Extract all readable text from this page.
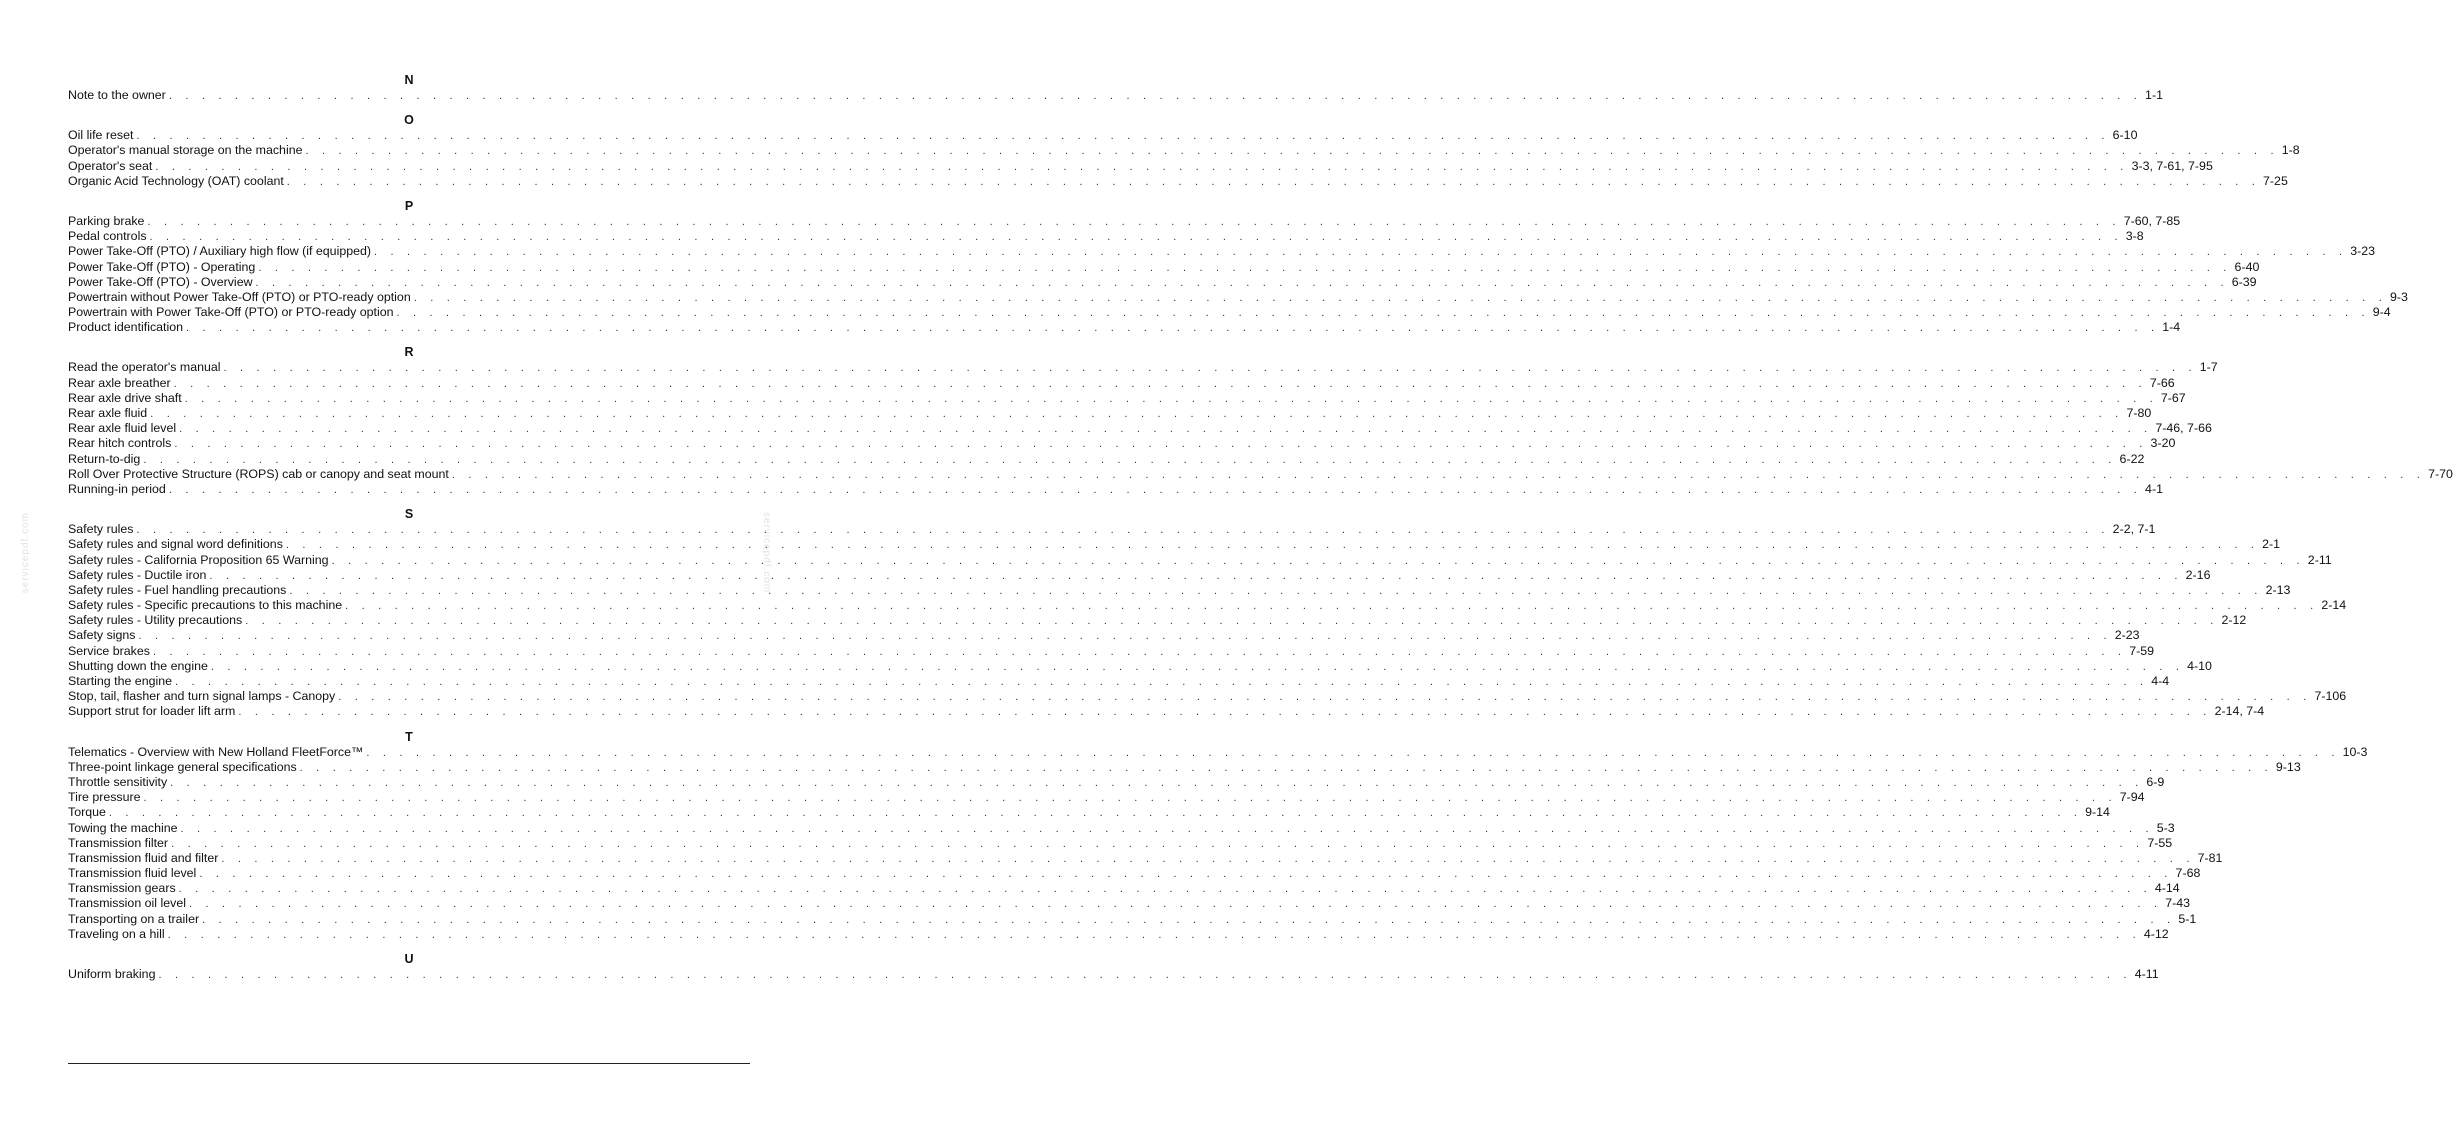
servicepdf.com	servicepdf.com
N
Note to the owner . . . . . . . . . . . . . . . . . . . . . . . . . . . . . . . . . . . . . . . . . . . . . . . . . . . . . . . . . . . . . . . . . . . . . . . . . . . . . . . . . . . . . . . . . . . . . . . . . . . . . . . . . . . . . . . . . . . . . . . . 1-1
O
Oil life reset . . . . . . . . . . . . . . . . . . . . . . . . . . . . . . . . . . . . . . . . . . . . . . . . . . . . . . . . . . . . . . . . . . . . . . . . . . . . . . . . . . . . . . . . . . . . . . . . . . . . . . . . . . . . . . . . . . . . . . . . 6-10
Operator's manual storage on the machine . . . . . . . . . . . . . . . . . . . . . . . . . . . . . . . . . . . . . . . . . . . . . . . . . . . . . . . . . . . . . . . . . . . . . . . . . . . . . . . . . . . . . . . . . . . . . . . . . . . . . . . . . . . . . . . . . . . . . . . . 1-8
Operator's seat . . . . . . . . . . . . . . . . . . . . . . . . . . . . . . . . . . . . . . . . . . . . . . . . . . . . . . . . . . . . . . . . . . . . . . . . . . . . . . . . . . . . . . . . . . . . . . . . . . . . . . . . . . . . . . . . . . . . . . . . 3-3, 7-61, 7-95
Organic Acid Technology (OAT) coolant . . . . . . . . . . . . . . . . . . . . . . . . . . . . . . . . . . . . . . . . . . . . . . . . . . . . . . . . . . . . . . . . . . . . . . . . . . . . . . . . . . . . . . . . . . . . . . . . . . . . . . . . . . . . . . . . . . . . . . . . 7-25
P
Parking brake . . . . . . . . . . . . . . . . . . . . . . . . . . . . . . . . . . . . . . . . . . . . . . . . . . . . . . . . . . . . . . . . . . . . . . . . . . . . . . . . . . . . . . . . . . . . . . . . . . . . . . . . . . . . . . . . . . . . . . . . 7-60, 7-85
Pedal controls . . . . . . . . . . . . . . . . . . . . . . . . . . . . . . . . . . . . . . . . . . . . . . . . . . . . . . . . . . . . . . . . . . . . . . . . . . . . . . . . . . . . . . . . . . . . . . . . . . . . . . . . . . . . . . . . . . . . . . . . 3-8
Power Take-Off (PTO) / Auxiliary high flow (if equipped) . . . . . . . . . . . . . . . . . . . . . . . . . . . . . . . . . . . . . . . . . . . . . . . . . . . . . . . . . . . . . . . . . . . . . . . . . . . . . . . . . . . . . . . . . . . . . . . . . . . . . . . . . . . . . . . . . . . . . . . . 3-23
Power Take-Off (PTO) - Operating . . . . . . . . . . . . . . . . . . . . . . . . . . . . . . . . . . . . . . . . . . . . . . . . . . . . . . . . . . . . . . . . . . . . . . . . . . . . . . . . . . . . . . . . . . . . . . . . . . . . . . . . . . . . . . . . . . . . . . . . 6-40
Power Take-Off (PTO) - Overview . . . . . . . . . . . . . . . . . . . . . . . . . . . . . . . . . . . . . . . . . . . . . . . . . . . . . . . . . . . . . . . . . . . . . . . . . . . . . . . . . . . . . . . . . . . . . . . . . . . . . . . . . . . . . . . . . . . . . . . . 6-39
Powertrain without Power Take-Off (PTO) or PTO-ready option . . . . . . . . . . . . . . . . . . . . . . . . . . . . . . . . . . . . . . . . . . . . . . . . . . . . . . . . . . . . . . . . . . . . . . . . . . . . . . . . . . . . . . . . . . . . . . . . . . . . . . . . . . . . . . . . . . . . . . . . 9-3
Powertrain with Power Take-Off (PTO) or PTO-ready option . . . . . . . . . . . . . . . . . . . . . . . . . . . . . . . . . . . . . . . . . . . . . . . . . . . . . . . . . . . . . . . . . . . . . . . . . . . . . . . . . . . . . . . . . . . . . . . . . . . . . . . . . . . . . . . . . . . . . . . . 9-4
Product identification . . . . . . . . . . . . . . . . . . . . . . . . . . . . . . . . . . . . . . . . . . . . . . . . . . . . . . . . . . . . . . . . . . . . . . . . . . . . . . . . . . . . . . . . . . . . . . . . . . . . . . . . . . . . . . . . . . . . . . . . 1-4
R
Read the operator's manual . . . . . . . . . . . . . . . . . . . . . . . . . . . . . . . . . . . . . . . . . . . . . . . . . . . . . . . . . . . . . . . . . . . . . . . . . . . . . . . . . . . . . . . . . . . . . . . . . . . . . . . . . . . . . . . . . . . . . . . . 1-7
Rear axle breather . . . . . . . . . . . . . . . . . . . . . . . . . . . . . . . . . . . . . . . . . . . . . . . . . . . . . . . . . . . . . . . . . . . . . . . . . . . . . . . . . . . . . . . . . . . . . . . . . . . . . . . . . . . . . . . . . . . . . . . . 7-66
Rear axle drive shaft . . . . . . . . . . . . . . . . . . . . . . . . . . . . . . . . . . . . . . . . . . . . . . . . . . . . . . . . . . . . . . . . . . . . . . . . . . . . . . . . . . . . . . . . . . . . . . . . . . . . . . . . . . . . . . . . . . . . . . . . 7-67
Rear axle fluid . . . . . . . . . . . . . . . . . . . . . . . . . . . . . . . . . . . . . . . . . . . . . . . . . . . . . . . . . . . . . . . . . . . . . . . . . . . . . . . . . . . . . . . . . . . . . . . . . . . . . . . . . . . . . . . . . . . . . . . . 7-80
Rear axle fluid level . . . . . . . . . . . . . . . . . . . . . . . . . . . . . . . . . . . . . . . . . . . . . . . . . . . . . . . . . . . . . . . . . . . . . . . . . . . . . . . . . . . . . . . . . . . . . . . . . . . . . . . . . . . . . . . . . . . . . . . . 7-46, 7-66
Rear hitch controls . . . . . . . . . . . . . . . . . . . . . . . . . . . . . . . . . . . . . . . . . . . . . . . . . . . . . . . . . . . . . . . . . . . . . . . . . . . . . . . . . . . . . . . . . . . . . . . . . . . . . . . . . . . . . . . . . . . . . . . . 3-20
Return-to-dig . . . . . . . . . . . . . . . . . . . . . . . . . . . . . . . . . . . . . . . . . . . . . . . . . . . . . . . . . . . . . . . . . . . . . . . . . . . . . . . . . . . . . . . . . . . . . . . . . . . . . . . . . . . . . . . . . . . . . . . . 6-22
Roll Over Protective Structure (ROPS) cab or canopy and seat mount . . . . . . . . . . . . . . . . . . . . . . . . . . . . . . . . . . . . . . . . . . . . . . . . . . . . . . . . . . . . . . . . . . . . . . . . . . . . . . . . . . . . . . . . . . . . . . . . . . . . . . . . . . . . . . . . . . . . . . . . 7-70
Running-in period . . . . . . . . . . . . . . . . . . . . . . . . . . . . . . . . . . . . . . . . . . . . . . . . . . . . . . . . . . . . . . . . . . . . . . . . . . . . . . . . . . . . . . . . . . . . . . . . . . . . . . . . . . . . . . . . . . . . . . . . 4-1
S
Safety rules . . . . . . . . . . . . . . . . . . . . . . . . . . . . . . . . . . . . . . . . . . . . . . . . . . . . . . . . . . . . . . . . . . . . . . . . . . . . . . . . . . . . . . . . . . . . . . . . . . . . . . . . . . . . . . . . . . . . . . . . 2-2, 7-1
Safety rules and signal word definitions . . . . . . . . . . . . . . . . . . . . . . . . . . . . . . . . . . . . . . . . . . . . . . . . . . . . . . . . . . . . . . . . . . . . . . . . . . . . . . . . . . . . . . . . . . . . . . . . . . . . . . . . . . . . . . . . . . . . . . . . 2-1
Safety rules - California Proposition 65 Warning . . . . . . . . . . . . . . . . . . . . . . . . . . . . . . . . . . . . . . . . . . . . . . . . . . . . . . . . . . . . . . . . . . . . . . . . . . . . . . . . . . . . . . . . . . . . . . . . . . . . . . . . . . . . . . . . . . . . . . . . 2-11
Safety rules - Ductile iron . . . . . . . . . . . . . . . . . . . . . . . . . . . . . . . . . . . . . . . . . . . . . . . . . . . . . . . . . . . . . . . . . . . . . . . . . . . . . . . . . . . . . . . . . . . . . . . . . . . . . . . . . . . . . . . . . . . . . . . . 2-16
Safety rules - Fuel handling precautions . . . . . . . . . . . . . . . . . . . . . . . . . . . . . . . . . . . . . . . . . . . . . . . . . . . . . . . . . . . . . . . . . . . . . . . . . . . . . . . . . . . . . . . . . . . . . . . . . . . . . . . . . . . . . . . . . . . . . . . . 2-13
Safety rules - Specific precautions to this machine . . . . . . . . . . . . . . . . . . . . . . . . . . . . . . . . . . . . . . . . . . . . . . . . . . . . . . . . . . . . . . . . . . . . . . . . . . . . . . . . . . . . . . . . . . . . . . . . . . . . . . . . . . . . . . . . . . . . . . . . 2-14
Safety rules - Utility precautions . . . . . . . . . . . . . . . . . . . . . . . . . . . . . . . . . . . . . . . . . . . . . . . . . . . . . . . . . . . . . . . . . . . . . . . . . . . . . . . . . . . . . . . . . . . . . . . . . . . . . . . . . . . . . . . . . . . . . . . . 2-12
Safety signs . . . . . . . . . . . . . . . . . . . . . . . . . . . . . . . . . . . . . . . . . . . . . . . . . . . . . . . . . . . . . . . . . . . . . . . . . . . . . . . . . . . . . . . . . . . . . . . . . . . . . . . . . . . . . . . . . . . . . . . . 2-23
Service brakes . . . . . . . . . . . . . . . . . . . . . . . . . . . . . . . . . . . . . . . . . . . . . . . . . . . . . . . . . . . . . . . . . . . . . . . . . . . . . . . . . . . . . . . . . . . . . . . . . . . . . . . . . . . . . . . . . . . . . . . . 7-59
Shutting down the engine . . . . . . . . . . . . . . . . . . . . . . . . . . . . . . . . . . . . . . . . . . . . . . . . . . . . . . . . . . . . . . . . . . . . . . . . . . . . . . . . . . . . . . . . . . . . . . . . . . . . . . . . . . . . . . . . . . . . . . . . 4-10
Starting the engine . . . . . . . . . . . . . . . . . . . . . . . . . . . . . . . . . . . . . . . . . . . . . . . . . . . . . . . . . . . . . . . . . . . . . . . . . . . . . . . . . . . . . . . . . . . . . . . . . . . . . . . . . . . . . . . . . . . . . . . . 4-4
Stop, tail, flasher and turn signal lamps - Canopy . . . . . . . . . . . . . . . . . . . . . . . . . . . . . . . . . . . . . . . . . . . . . . . . . . . . . . . . . . . . . . . . . . . . . . . . . . . . . . . . . . . . . . . . . . . . . . . . . . . . . . . . . . . . . . . . . . . . . . . . 7-106
Support strut for loader lift arm . . . . . . . . . . . . . . . . . . . . . . . . . . . . . . . . . . . . . . . . . . . . . . . . . . . . . . . . . . . . . . . . . . . . . . . . . . . . . . . . . . . . . . . . . . . . . . . . . . . . . . . . . . . . . . . . . . . . . . . . 2-14, 7-4
T
Telematics - Overview with New Holland FleetForce™ . . . . . . . . . . . . . . . . . . . . . . . . . . . . . . . . . . . . . . . . . . . . . . . . . . . . . . . . . . . . . . . . . . . . . . . . . . . . . . . . . . . . . . . . . . . . . . . . . . . . . . . . . . . . . . . . . . . . . . . . 10-3
Three-point linkage general specifications . . . . . . . . . . . . . . . . . . . . . . . . . . . . . . . . . . . . . . . . . . . . . . . . . . . . . . . . . . . . . . . . . . . . . . . . . . . . . . . . . . . . . . . . . . . . . . . . . . . . . . . . . . . . . . . . . . . . . . . . 9-13
Throttle sensitivity . . . . . . . . . . . . . . . . . . . . . . . . . . . . . . . . . . . . . . . . . . . . . . . . . . . . . . . . . . . . . . . . . . . . . . . . . . . . . . . . . . . . . . . . . . . . . . . . . . . . . . . . . . . . . . . . . . . . . . . . 6-9
Tire pressure . . . . . . . . . . . . . . . . . . . . . . . . . . . . . . . . . . . . . . . . . . . . . . . . . . . . . . . . . . . . . . . . . . . . . . . . . . . . . . . . . . . . . . . . . . . . . . . . . . . . . . . . . . . . . . . . . . . . . . . . 7-94
Torque . . . . . . . . . . . . . . . . . . . . . . . . . . . . . . . . . . . . . . . . . . . . . . . . . . . . . . . . . . . . . . . . . . . . . . . . . . . . . . . . . . . . . . . . . . . . . . . . . . . . . . . . . . . . . . . . . . . . . . . . 9-14
Towing the machine . . . . . . . . . . . . . . . . . . . . . . . . . . . . . . . . . . . . . . . . . . . . . . . . . . . . . . . . . . . . . . . . . . . . . . . . . . . . . . . . . . . . . . . . . . . . . . . . . . . . . . . . . . . . . . . . . . . . . . . . 5-3
Transmission filter . . . . . . . . . . . . . . . . . . . . . . . . . . . . . . . . . . . . . . . . . . . . . . . . . . . . . . . . . . . . . . . . . . . . . . . . . . . . . . . . . . . . . . . . . . . . . . . . . . . . . . . . . . . . . . . . . . . . . . . . 7-55
Transmission fluid and filter . . . . . . . . . . . . . . . . . . . . . . . . . . . . . . . . . . . . . . . . . . . . . . . . . . . . . . . . . . . . . . . . . . . . . . . . . . . . . . . . . . . . . . . . . . . . . . . . . . . . . . . . . . . . . . . . . . . . . . . . 7-81
Transmission fluid level . . . . . . . . . . . . . . . . . . . . . . . . . . . . . . . . . . . . . . . . . . . . . . . . . . . . . . . . . . . . . . . . . . . . . . . . . . . . . . . . . . . . . . . . . . . . . . . . . . . . . . . . . . . . . . . . . . . . . . . . 7-68
Transmission gears . . . . . . . . . . . . . . . . . . . . . . . . . . . . . . . . . . . . . . . . . . . . . . . . . . . . . . . . . . . . . . . . . . . . . . . . . . . . . . . . . . . . . . . . . . . . . . . . . . . . . . . . . . . . . . . . . . . . . . . . 4-14
Transmission oil level . . . . . . . . . . . . . . . . . . . . . . . . . . . . . . . . . . . . . . . . . . . . . . . . . . . . . . . . . . . . . . . . . . . . . . . . . . . . . . . . . . . . . . . . . . . . . . . . . . . . . . . . . . . . . . . . . . . . . . . . 7-43
Transporting on a trailer . . . . . . . . . . . . . . . . . . . . . . . . . . . . . . . . . . . . . . . . . . . . . . . . . . . . . . . . . . . . . . . . . . . . . . . . . . . . . . . . . . . . . . . . . . . . . . . . . . . . . . . . . . . . . . . . . . . . . . . . 5-1
Traveling on a hill . . . . . . . . . . . . . . . . . . . . . . . . . . . . . . . . . . . . . . . . . . . . . . . . . . . . . . . . . . . . . . . . . . . . . . . . . . . . . . . . . . . . . . . . . . . . . . . . . . . . . . . . . . . . . . . . . . . . . . . . 4-12
U
Uniform braking . . . . . . . . . . . . . . . . . . . . . . . . . . . . . . . . . . . . . . . . . . . . . . . . . . . . . . . . . . . . . . . . . . . . . . . . . . . . . . . . . . . . . . . . . . . . . . . . . . . . . . . . . . . . . . . . . . . . . . . . 4-11
